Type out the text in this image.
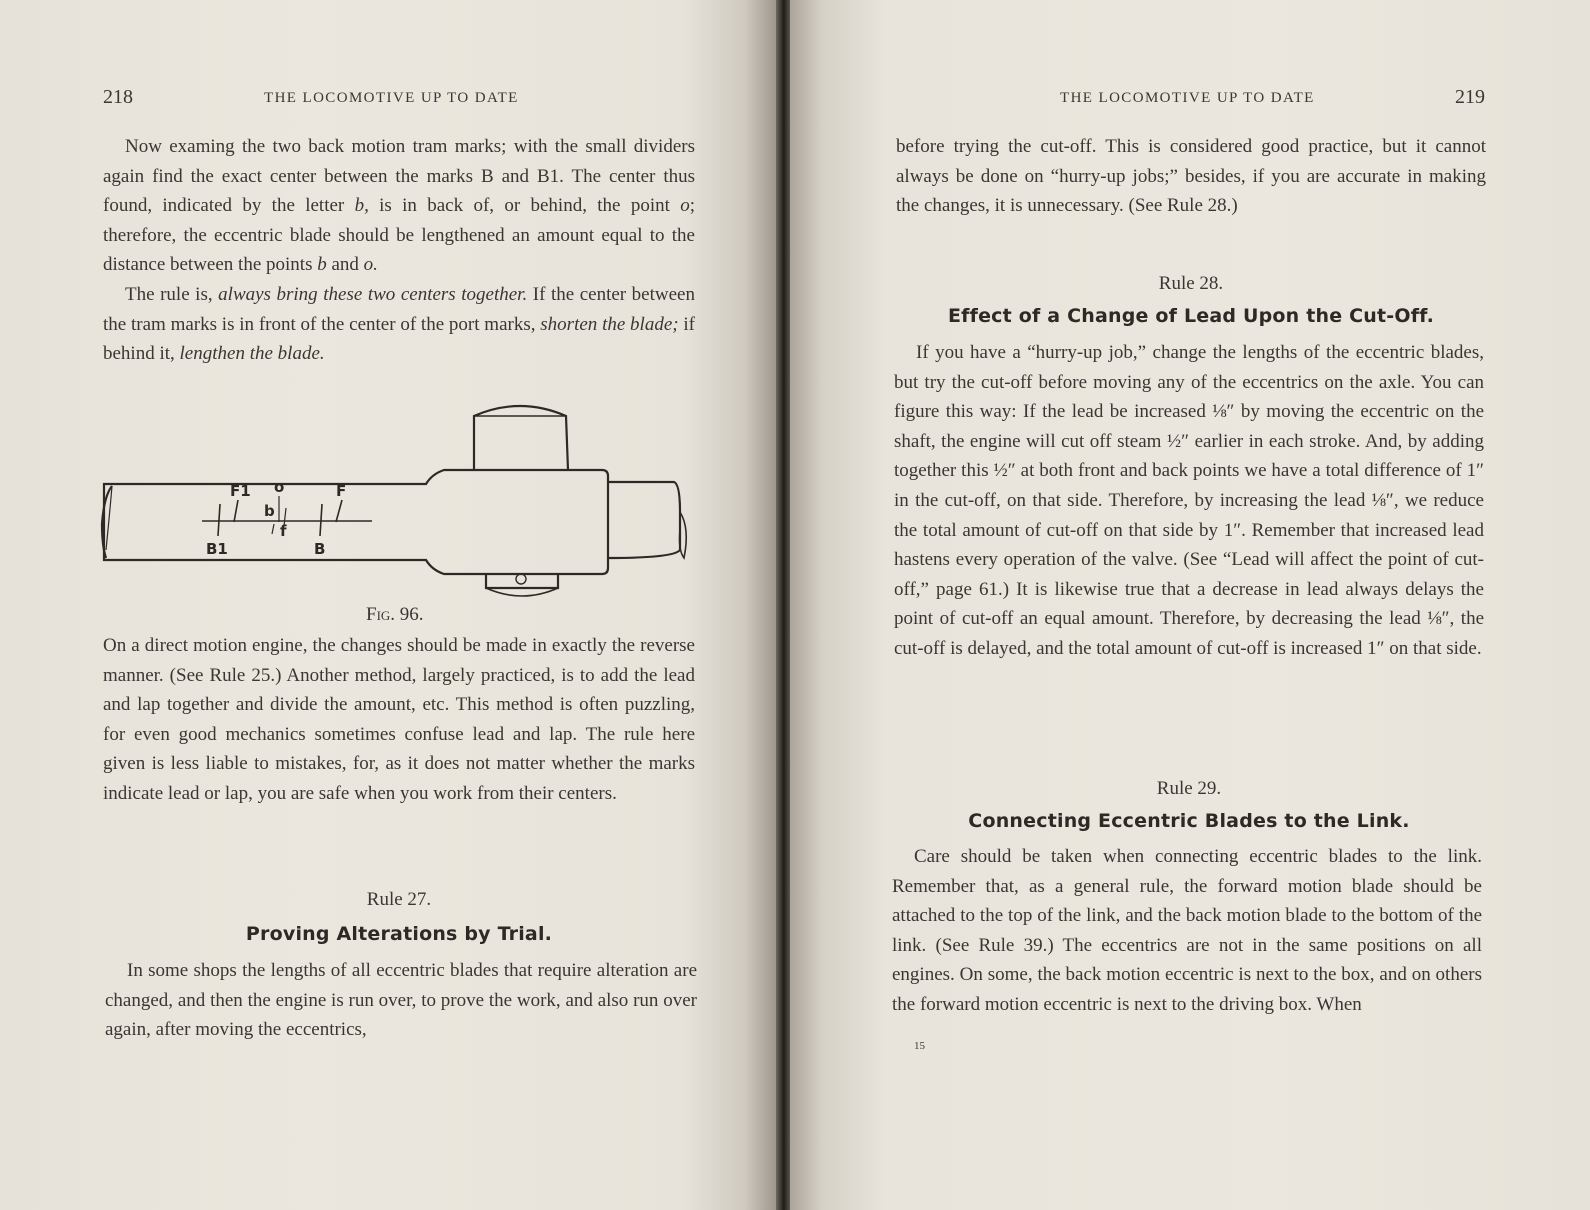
218	THE LOCOMOTIVE UP TO DATE

Now examing the two back motion tram marks; with the small dividers again find the exact center between the marks B and B1. The center thus found, indicated by the letter b, is in back of, or behind, the point o; therefore, the eccentric blade should be lengthened an amount equal to the distance between the points b and o.

The rule is, always bring these two centers together. If the center between the tram marks is in front of the center of the port marks, shorten the blade; if behind it, lengthen the blade.

F1 o	F
b
f
B1	B
Fig. 96.

On a direct motion engine, the changes should be made in exactly the reverse manner. (See Rule 25.) Another method, largely practiced, is to add the lead and lap together and divide the amount, etc. This method is often puzzling, for even good mechanics sometimes confuse lead and lap. The rule here given is less liable to mistakes, for, as it does not matter whether the marks indicate lead or lap, you are safe when you work from their centers.

Rule 27.
Proving Alterations by Trial.

In some shops the lengths of all eccentric blades that require alteration are changed, and then the engine is run over, to prove the work, and also run over again, after moving the eccentrics,

THE LOCOMOTIVE UP TO DATE	219

before trying the cut-off. This is considered good practice, but it cannot always be done on “hurry-up jobs;” besides, if you are accurate in making the changes, it is unnecessary. (See Rule 28.)

Rule 28.
Effect of a Change of Lead Upon the Cut-Off.

If you have a “hurry-up job,” change the lengths of the eccentric blades, but try the cut-off before moving any of the eccentrics on the axle. You can figure this way: If the lead be increased ⅛″ by moving the eccentric on the shaft, the engine will cut off steam ½″ earlier in each stroke. And, by adding together this ½″ at both front and back points we have a total difference of 1″ in the cut-off, on that side. Therefore, by increasing the lead ⅛″, we reduce the total amount of cut-off on that side by 1″. Remember that increased lead hastens every operation of the valve. (See “Lead will affect the point of cut-off,” page 61.) It is likewise true that a decrease in lead always delays the point of cut-off an equal amount. Therefore, by decreasing the lead ⅛″, the cut-off is delayed, and the total amount of cut-off is increased 1″ on that side.

Rule 29.
Connecting Eccentric Blades to the Link.

Care should be taken when connecting eccentric blades to the link. Remember that, as a general rule, the forward motion blade should be attached to the top of the link, and the back motion blade to the bottom of the link. (See Rule 39.) The eccentrics are not in the same positions on all engines. On some, the back motion eccentric is next to the box, and on others the forward motion eccentric is next to the driving box. When

15
